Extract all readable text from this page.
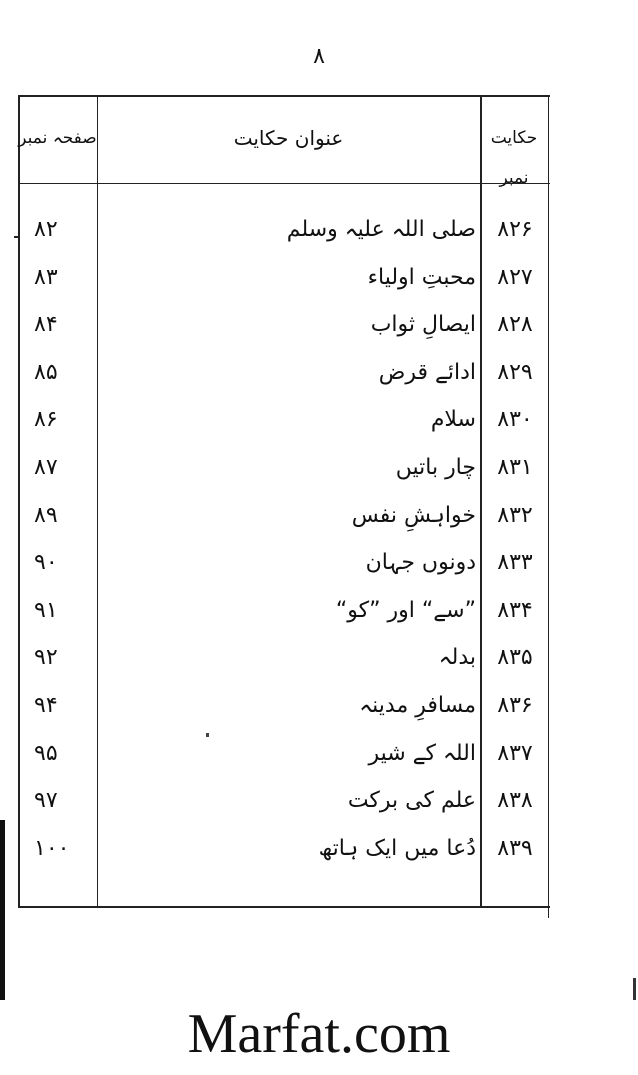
۸
صفحہ نمبر	عنوان حکایت	حکایت نمبر
۸۲۶
صلی اللہ علیہ وسلم
۸۲
۸۲۷
محبتِ اولیاء
۸۳
۸۲۸
ایصالِ ثواب
۸۴
۸۲۹
ادائے قرض
۸۵
۸۳۰
سلام
۸۶
۸۳۱
چار باتیں
۸۷
۸۳۲
خواہشِ نفس
۸۹
۸۳۳
دونوں جہان
۹۰
۸۳۴
”سے“ اور ”کو“
۹۱
۸۳۵
بدلہ
۹۲
۸۳۶
مسافرِ مدینہ
۹۴
۸۳۷
اللہ کے شیر
۹۵
۸۳۸
علم کی برکت
۹۷
۸۳۹
دُعا میں ایک ہاتھ
۱۰۰
Marfat.com
